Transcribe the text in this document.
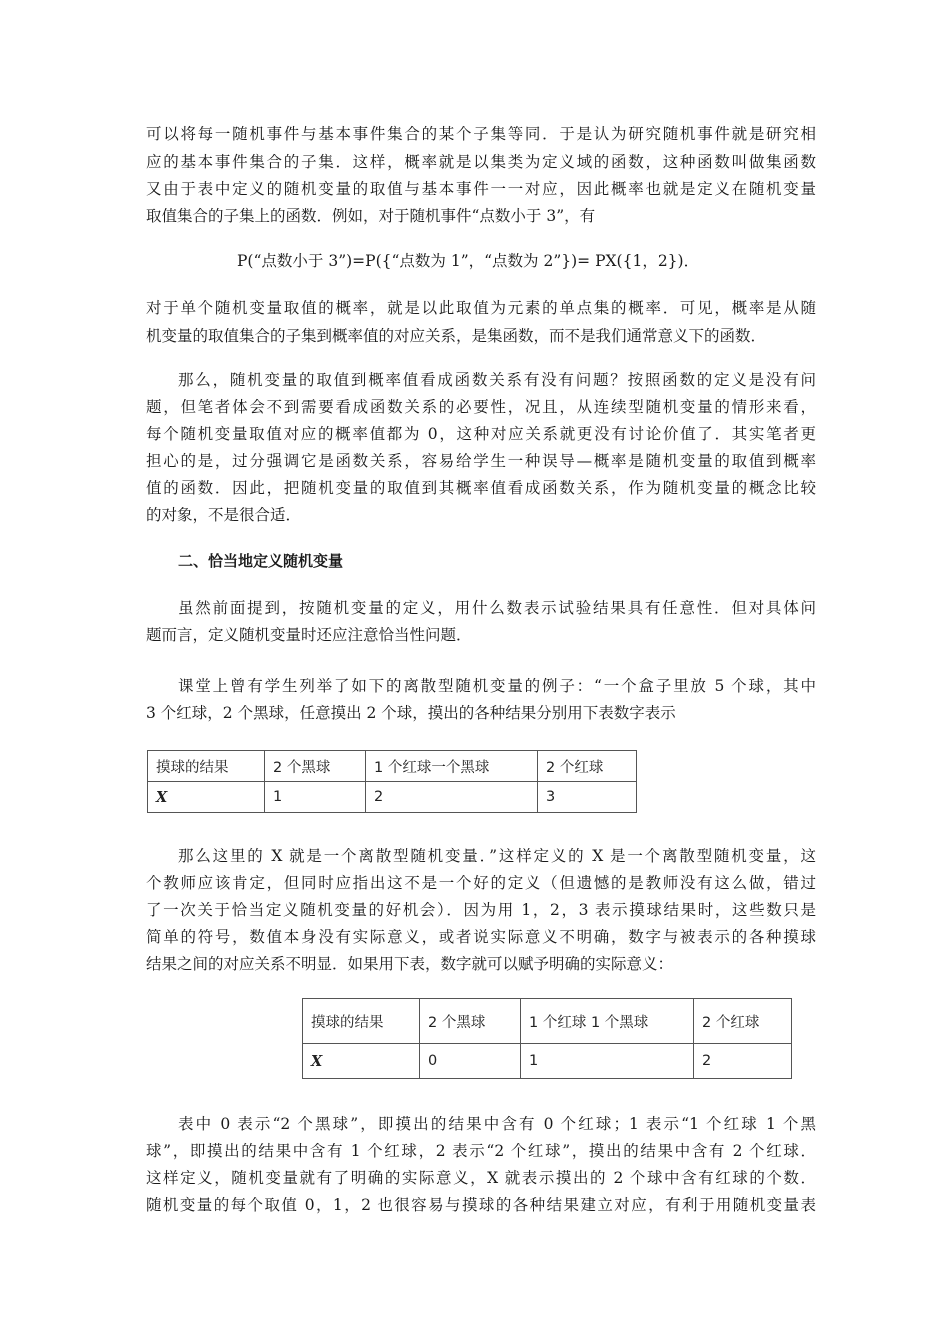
可以将每一随机事件与基本事件集合的某个子集等同．于是认为研究随机事件就是研究相
应的基本事件集合的子集．这样，概率就是以集类为定义域的函数，这种函数叫做集函数
又由于表中定义的随机变量的取值与基本事件一一对应，因此概率也就是定义在随机变量
取值集合的子集上的函数．例如，对于随机事件“点数小于 3”，有
P(“点数小于 3”)=P({“点数为 1”，“点数为 2”})= PX({1，2})．
对于单个随机变量取值的概率，就是以此取值为元素的单点集的概率．可见，概率是从随
机变量的取值集合的子集到概率值的对应关系，是集函数，而不是我们通常意义下的函数．
那么，随机变量的取值到概率值看成函数关系有没有问题？按照函数的定义是没有问
题，但笔者体会不到需要看成函数关系的必要性，况且，从连续型随机变量的情形来看，
每个随机变量取值对应的概率值都为 0，这种对应关系就更没有讨论价值了．其实笔者更
担心的是，过分强调它是函数关系，容易给学生一种误导—概率是随机变量的取值到概率
值的函数．因此，把随机变量的取值到其概率值看成函数关系，作为随机变量的概念比较
的对象，不是很合适．
二、恰当地定义随机变量
虽然前面提到，按随机变量的定义，用什么数表示试验结果具有任意性．但对具体问
题而言，定义随机变量时还应注意恰当性问题．
课堂上曾有学生列举了如下的离散型随机变量的例子：“一个盒子里放 5 个球，其中
3 个红球，2 个黑球，任意摸出 2 个球，摸出的各种结果分别用下表数字表示
摸球的结果	2 个黑球	1 个红球一个黑球	2 个红球
X	1	2	3
那么这里的 X 就是一个离散型随机变量．”这样定义的 X 是一个离散型随机变量，这
个教师应该肯定，但同时应指出这不是一个好的定义（但遗憾的是教师没有这么做，错过
了一次关于恰当定义随机变量的好机会）．因为用 1，2，3 表示摸球结果时，这些数只是
简单的符号，数值本身没有实际意义，或者说实际意义不明确，数字与被表示的各种摸球
结果之间的对应关系不明显．如果用下表，数字就可以赋予明确的实际意义：
摸球的结果	2 个黑球	1 个红球 1 个黑球	2 个红球
X	0	1	2
表中 0 表示“2 个黑球”，即摸出的结果中含有 0 个红球；1 表示“1 个红球 1 个黑
球”，即摸出的结果中含有 1 个红球，2 表示“2 个红球”，摸出的结果中含有 2 个红球．
这样定义，随机变量就有了明确的实际意义，X 就表示摸出的 2 个球中含有红球的个数．
随机变量的每个取值 0，1，2 也很容易与摸球的各种结果建立对应，有利于用随机变量表
